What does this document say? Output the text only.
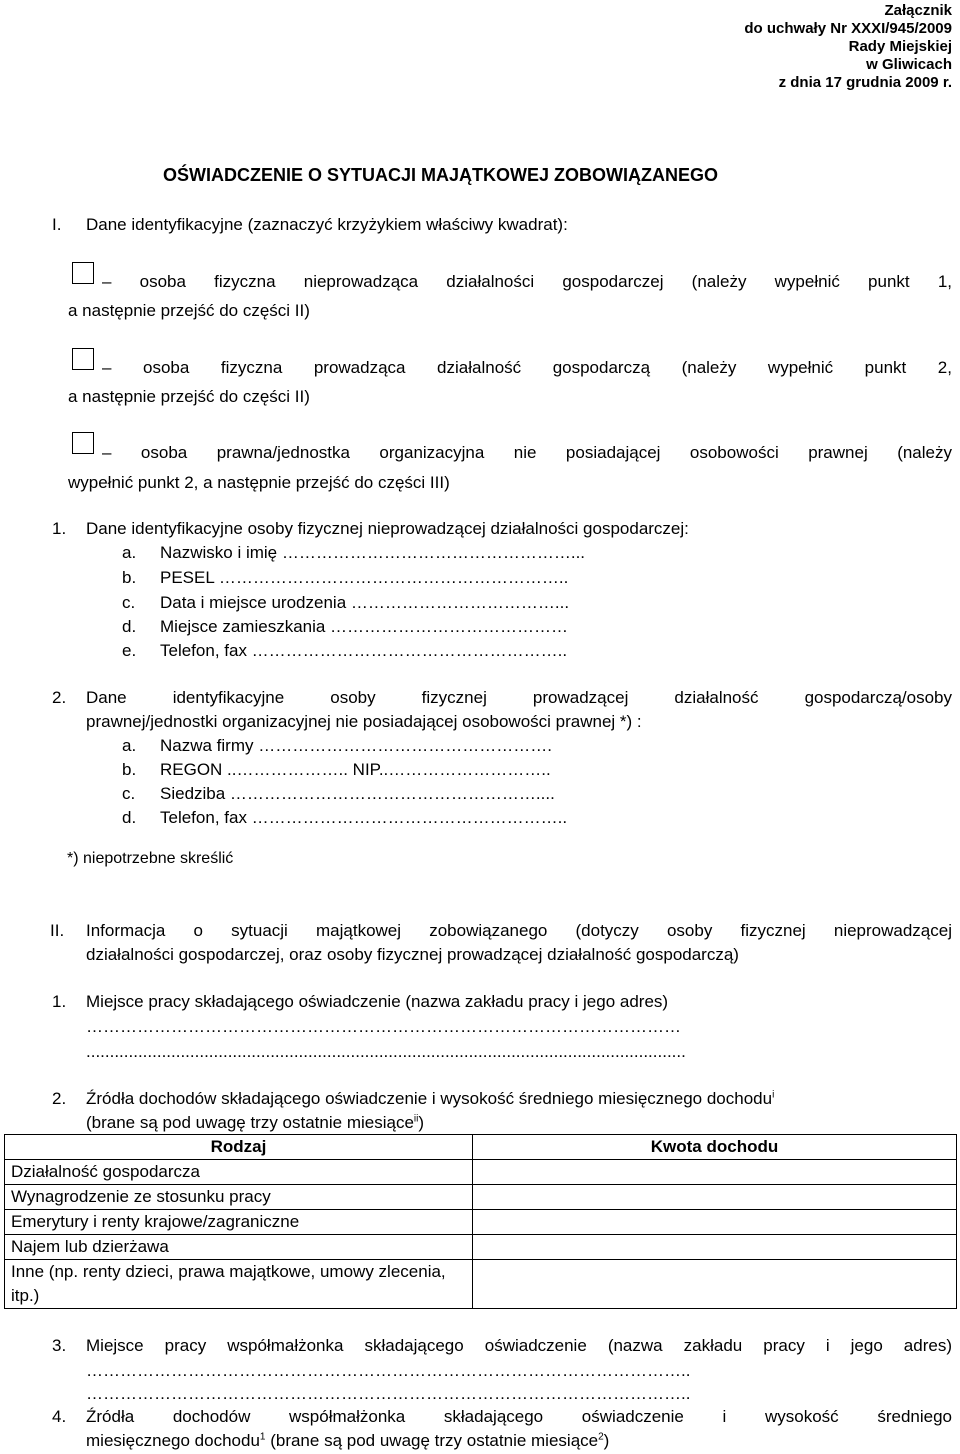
Załącznik
do uchwały Nr XXXI/945/2009
Rady Miejskiej
w Gliwicach
z dnia 17 grudnia 2009 r.
OŚWIADCZENIE O SYTUACJI MAJĄTKOWEJ ZOBOWIĄZANEGO
I. Dane identyfikacyjne (zaznaczyć krzyżykiem właściwy kwadrat):
– osoba fizyczna nieprowadząca działalności gospodarczej (należy wypełnić punkt 1,
a następnie przejść do części II)
– osoba fizyczna prowadząca działalność gospodarczą (należy wypełnić punkt 2,
a następnie przejść do części II)
– osoba prawna/jednostka organizacyjna nie posiadającej osobowości prawnej (należy
wypełnić punkt 2, a następnie przejść do części III)
1. Dane identyfikacyjne osoby fizycznej nieprowadzącej działalności gospodarczej:
a. Nazwisko i imię ……………………………………………...
b. PESEL ……………………………………………………..
c. Data i miejsce urodzenia ………………………………...
d. Miejsce zamieszkania ……………………………………
e. Telefon, fax ………………………………………………..
2. Dane identyfikacyjne osoby fizycznej prowadzącej działalność gospodarczą/osoby
prawnej/jednostki organizacyjnej nie posiadającej osobowości prawnej *) :
a. Nazwa firmy …………………………………………….
b. REGON ..……………….. NIP..………………………..
c. Siedziba ………………………………………………....
d. Telefon, fax ………………………………………………..
*) niepotrzebne skreślić
II. Informacja o sytuacji majątkowej zobowiązanego (dotyczy osoby fizycznej nieprowadzącej
działalności gospodarczej, oraz osoby fizycznej prowadzącej działalność gospodarczą)
1. Miejsce pracy składającego oświadczenie (nazwa zakładu pracy i jego adres)
……………………………………………………………………………………………
...............................................................................................................................
2. Źródła dochodów składającego oświadczenie i wysokość średniego miesięcznego dochodu$^i$
(brane są pod uwagę trzy ostatnie miesiące$^{ii}$)
Rodzaj	Kwota dochodu
Działalność gospodarcza	
Wynagrodzenie ze stosunku pracy	
Emerytury i renty krajowe/zagraniczne	
Najem lub dzierżawa	
Inne (np. renty dzieci, prawa majątkowe, umowy zlecenia, itp.)	
3. Miejsce pracy współmałżonka składającego oświadczenie (nazwa zakładu pracy i jego adres)
……………………………………………………………………………………………..
……………………………………………………………………………………………..
4. Źródła dochodów współmałżonka składającego oświadczenie i wysokość średniego
miesięcznego dochodu$^1$ (brane są pod uwagę trzy ostatnie miesiące$^2$)
